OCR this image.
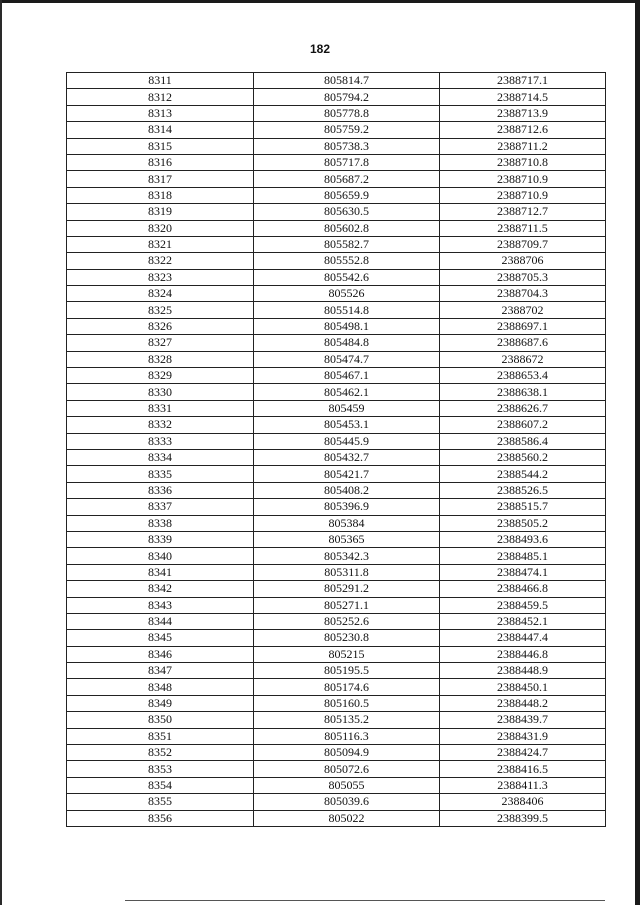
182
8311	805814.7	2388717.1
8312	805794.2	2388714.5
8313	805778.8	2388713.9
8314	805759.2	2388712.6
8315	805738.3	2388711.2
8316	805717.8	2388710.8
8317	805687.2	2388710.9
8318	805659.9	2388710.9
8319	805630.5	2388712.7
8320	805602.8	2388711.5
8321	805582.7	2388709.7
8322	805552.8	2388706
8323	805542.6	2388705.3
8324	805526	2388704.3
8325	805514.8	2388702
8326	805498.1	2388697.1
8327	805484.8	2388687.6
8328	805474.7	2388672
8329	805467.1	2388653.4
8330	805462.1	2388638.1
8331	805459	2388626.7
8332	805453.1	2388607.2
8333	805445.9	2388586.4
8334	805432.7	2388560.2
8335	805421.7	2388544.2
8336	805408.2	2388526.5
8337	805396.9	2388515.7
8338	805384	2388505.2
8339	805365	2388493.6
8340	805342.3	2388485.1
8341	805311.8	2388474.1
8342	805291.2	2388466.8
8343	805271.1	2388459.5
8344	805252.6	2388452.1
8345	805230.8	2388447.4
8346	805215	2388446.8
8347	805195.5	2388448.9
8348	805174.6	2388450.1
8349	805160.5	2388448.2
8350	805135.2	2388439.7
8351	805116.3	2388431.9
8352	805094.9	2388424.7
8353	805072.6	2388416.5
8354	805055	2388411.3
8355	805039.6	2388406
8356	805022	2388399.5
